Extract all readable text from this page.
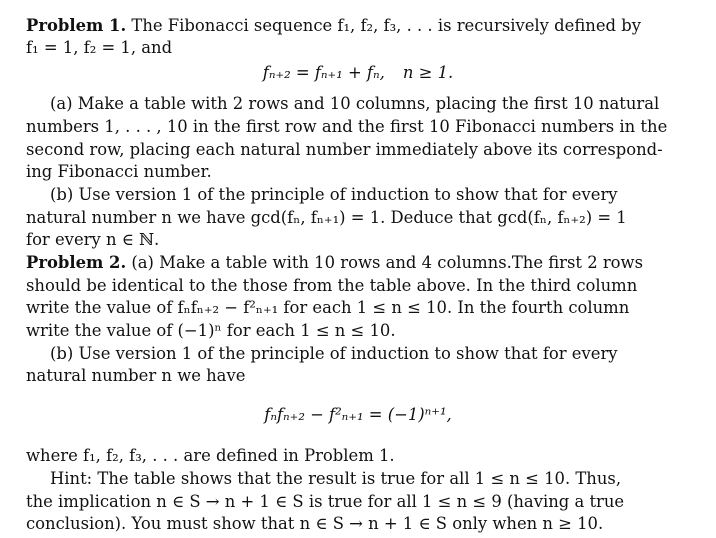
Problem 1. The Fibonacci sequence f₁, f₂, f₃, . . . is recursively defined by
f₁ = 1, f₂ = 1, and
fₙ₊₂ = fₙ₊₁ + fₙ, n ≥ 1.
(a) Make a table with 2 rows and 10 columns, placing the first 10 natural
numbers 1, . . . , 10 in the first row and the first 10 Fibonacci numbers in the
second row, placing each natural number immediately above its correspond-
ing Fibonacci number.
(b) Use version 1 of the principle of induction to show that for every
natural number n we have gcd(fₙ, fₙ₊₁) = 1. Deduce that gcd(fₙ, fₙ₊₂) = 1
for every n ∈ ℕ.
Problem 2. (a) Make a table with 10 rows and 4 columns.The first 2 rows
should be identical to the those from the table above. In the third column
write the value of fₙfₙ₊₂ − f²ₙ₊₁ for each 1 ≤ n ≤ 10. In the fourth column
write the value of (−1)ⁿ for each 1 ≤ n ≤ 10.
(b) Use version 1 of the principle of induction to show that for every
natural number n we have
fₙfₙ₊₂ − f²ₙ₊₁ = (−1)ⁿ⁺¹,
where f₁, f₂, f₃, . . . are defined in Problem 1.
Hint: The table shows that the result is true for all 1 ≤ n ≤ 10. Thus,
the implication n ∈ S → n + 1 ∈ S is true for all 1 ≤ n ≤ 9 (having a true
conclusion). You must show that n ∈ S → n + 1 ∈ S only when n ≥ 10.
